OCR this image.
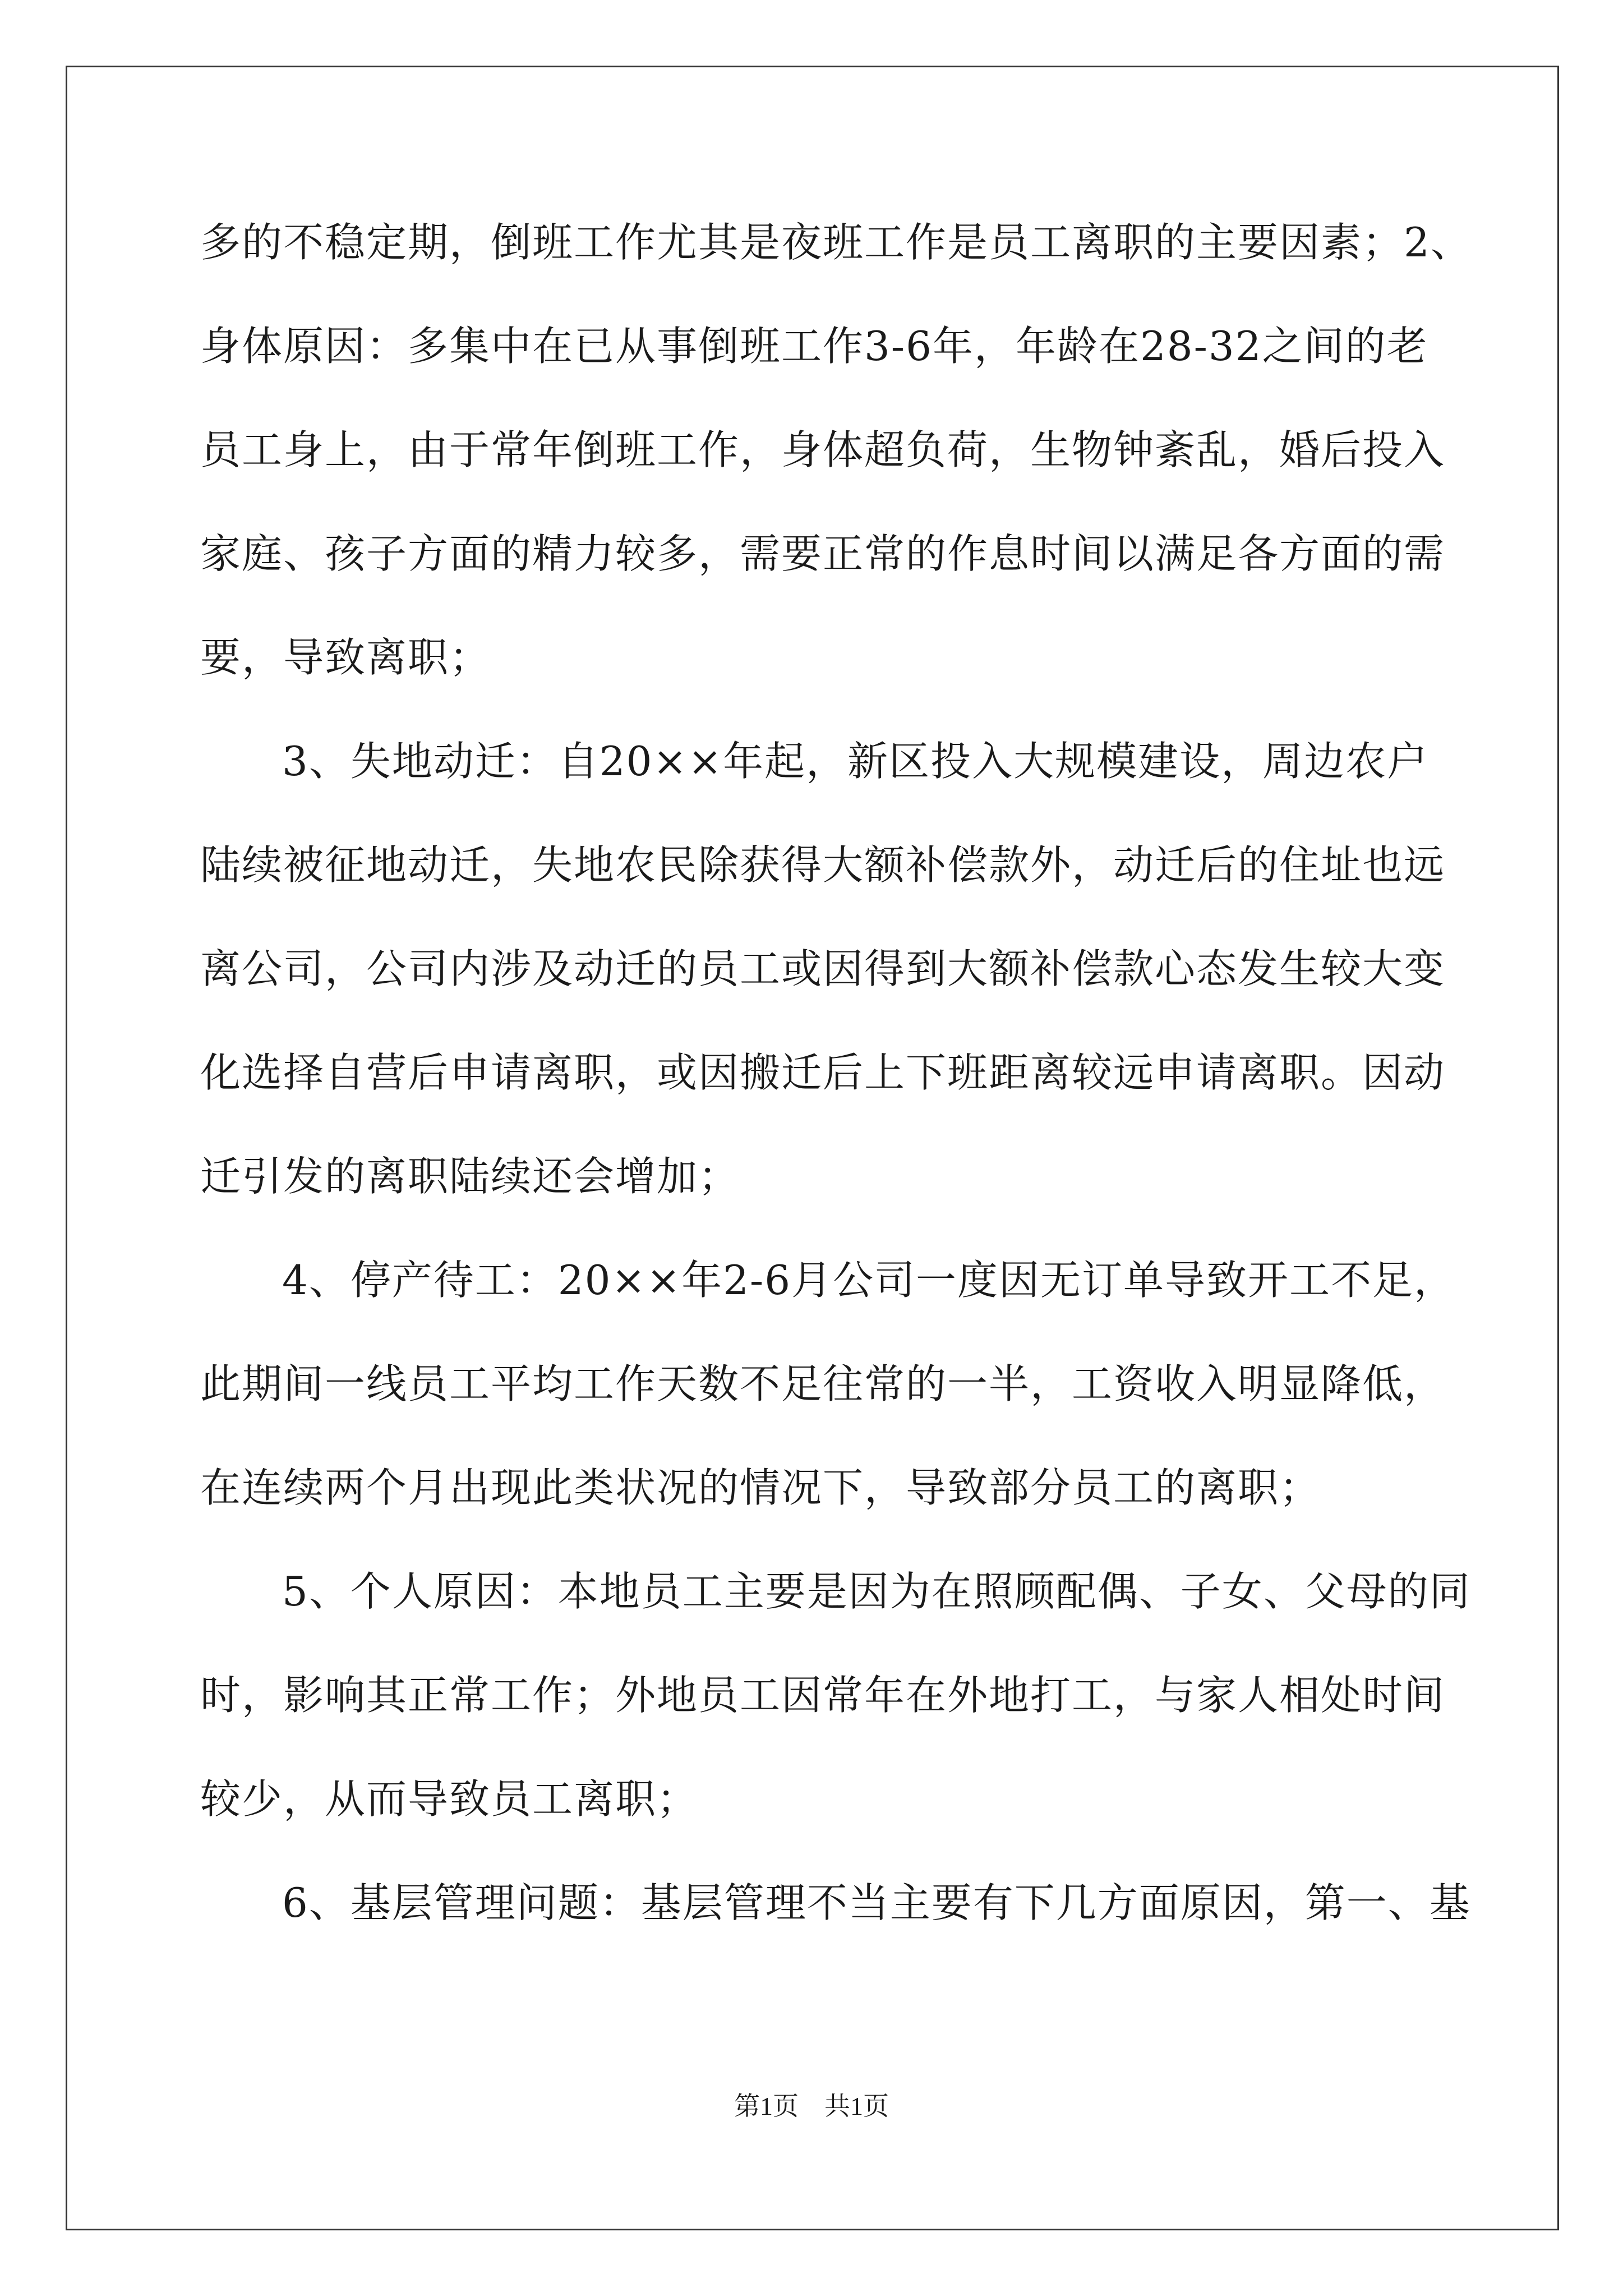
多的不稳定期，倒班工作尤其是夜班工作是员工离职的主要因素；2、
身体原因：多集中在已从事倒班工作3-6年，年龄在28-32之间的老
员工身上，由于常年倒班工作，身体超负荷，生物钟紊乱，婚后投入
家庭、孩子方面的精力较多，需要正常的作息时间以满足各方面的需
要，导致离职；
3、失地动迁：自20××年起，新区投入大规模建设，周边农户
陆续被征地动迁，失地农民除获得大额补偿款外，动迁后的住址也远
离公司，公司内涉及动迁的员工或因得到大额补偿款心态发生较大变
化选择自营后申请离职，或因搬迁后上下班距离较远申请离职。因动
迁引发的离职陆续还会增加；
4、停产待工：20××年2-6月公司一度因无订单导致开工不足，
此期间一线员工平均工作天数不足往常的一半，工资收入明显降低，
在连续两个月出现此类状况的情况下，导致部分员工的离职；
5、个人原因：本地员工主要是因为在照顾配偶、子女、父母的同
时，影响其正常工作；外地员工因常年在外地打工，与家人相处时间
较少，从而导致员工离职；
6、基层管理问题：基层管理不当主要有下几方面原因，第一、基
第1页　共1页
